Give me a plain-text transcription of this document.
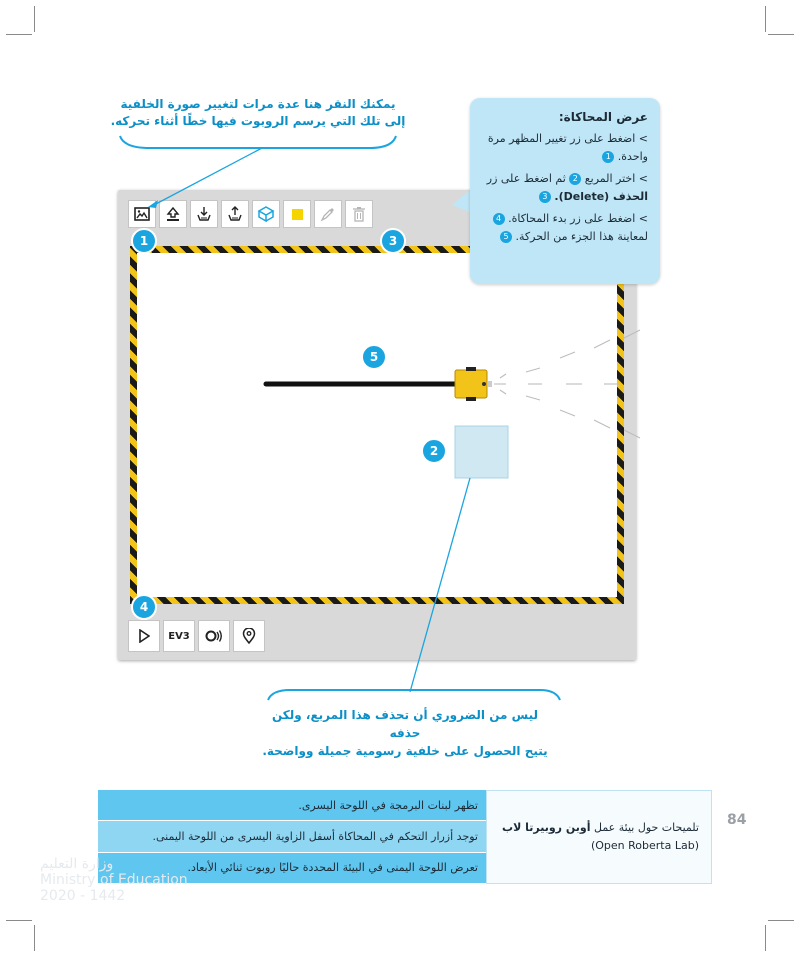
يمكنك النقر هنا عدة مرات لتغيير صورة الخلفية
إلى تلك التي يرسم الروبوت فيها خطًا أثناء تحركه.
EV3
1	3
5
2
4
عرض المحاكاة:

> اضغط على زر تغيير المظهر مرة واحدة. 1

> اختر المربع 2 ثم اضغط على زر الحذف (Delete). 3

> اضغط على زر بدء المحاكاة. 4 لمعاينة هذا الجزء من الحركة. 5

ليس من الضروري أن تحذف هذا المربع، ولكن حذفه
يتيح الحصول على خلفية رسومية جميلة وواضحة.
تلميحات حول بيئة عمل أوبن روبيرتا لاب
(Open Roberta Lab)
تظهر لبنات البرمجة في اللوحة اليسرى.
توجد أزرار التحكم في المحاكاة أسفل الزاوية اليسرى من اللوحة اليمنى.
تعرض اللوحة اليمنى في البيئة المحددة حاليًا روبوت ثنائي الأبعاد.
وزارة التعليم
Ministry of Education
2020 - 1442
84
